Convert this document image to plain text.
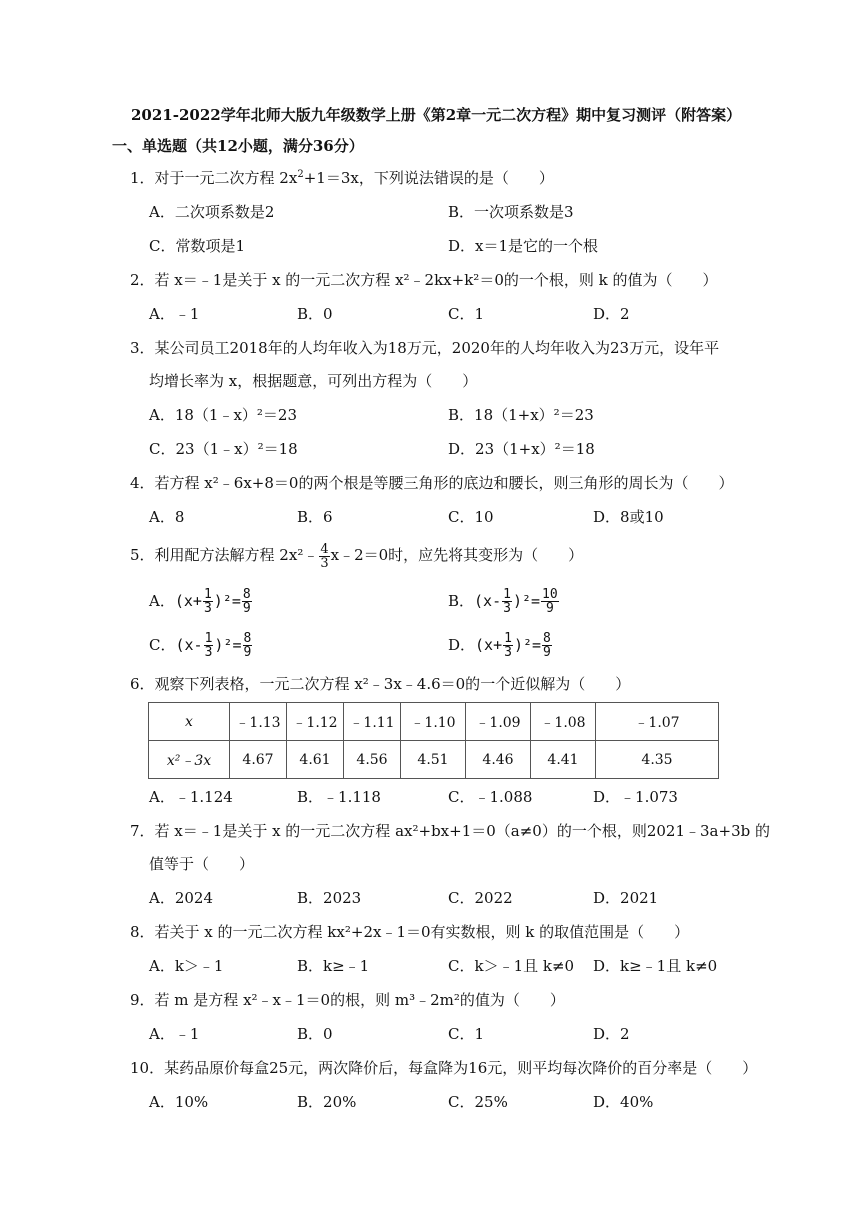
2021-2022学年北师大版九年级数学上册《第2章一元二次方程》期中复习测评（附答案）
一、单选题（共12小题，满分36分）
1．对于一元二次方程 $2x^2+1=3x$，下列说法错误的是（　　）
A．二次项系数是2	B．一次项系数是3
C．常数项是1	D．x＝1是它的一个根
2．若 x＝﹣1是关于 x 的一元二次方程 x²﹣2kx+k²＝0的一个根，则 k 的值为（　　）
A．﹣1	B．0	C．1	D．2
3．某公司员工2018年的人均年收入为18万元，2020年的人均年收入为23万元，设年平
均增长率为 x，根据题意，可列出方程为（　　）
A．18（1﹣x）²＝23	B．18（1+x）²＝23
C．23（1﹣x）²＝18	D．23（1+x）²＝18
4．若方程 x²﹣6x+8＝0的两个根是等腰三角形的底边和腰长，则三角形的周长为（　　）
A．8	B．6	C．10	D．8或10
5．利用配方法解方程 2x²﹣ $\frac{4}{3}$ x﹣2＝0时，应先将其变形为（　　）
A．$(x+ \frac{1}{3} )^2= \frac{8}{9}$	B．$(x- \frac{1}{3} )^2= \frac{10}{9}$
C．$(x- \frac{1}{3} )^2= \frac{8}{9}$	D．$(x+ \frac{1}{3} )^2= \frac{8}{9}$
6．观察下列表格，一元二次方程 x²﹣3x﹣4.6＝0的一个近似解为（　　）
x	﹣1.13	﹣1.12	﹣1.11	﹣1.10	﹣1.09	﹣1.08	﹣1.07
x²﹣3x	4.67	4.61	4.56	4.51	4.46	4.41	4.35
A．﹣1.124	B．﹣1.118	C．﹣1.088	D．﹣1.073
7．若 x＝﹣1是关于 x 的一元二次方程 ax²+bx+1＝0（a≠0）的一个根，则2021﹣3a+3b 的
值等于（　　）
A．2024	B．2023	C．2022	D．2021
8．若关于 x 的一元二次方程 kx²+2x﹣1＝0有实数根，则 k 的取值范围是（　　）
A．k＞﹣1	B．k≥﹣1	C．k＞﹣1且 k≠0 D．k≥﹣1且 k≠0
9．若 m 是方程 x²﹣x﹣1＝0的根，则 m³﹣2m²的值为（　　）
A．﹣1	B．0	C．1	D．2
10．某药品原价每盒25元，两次降价后，每盒降为16元，则平均每次降价的百分率是（　　）
A．10%	B．20%	C．25%	D．40%
